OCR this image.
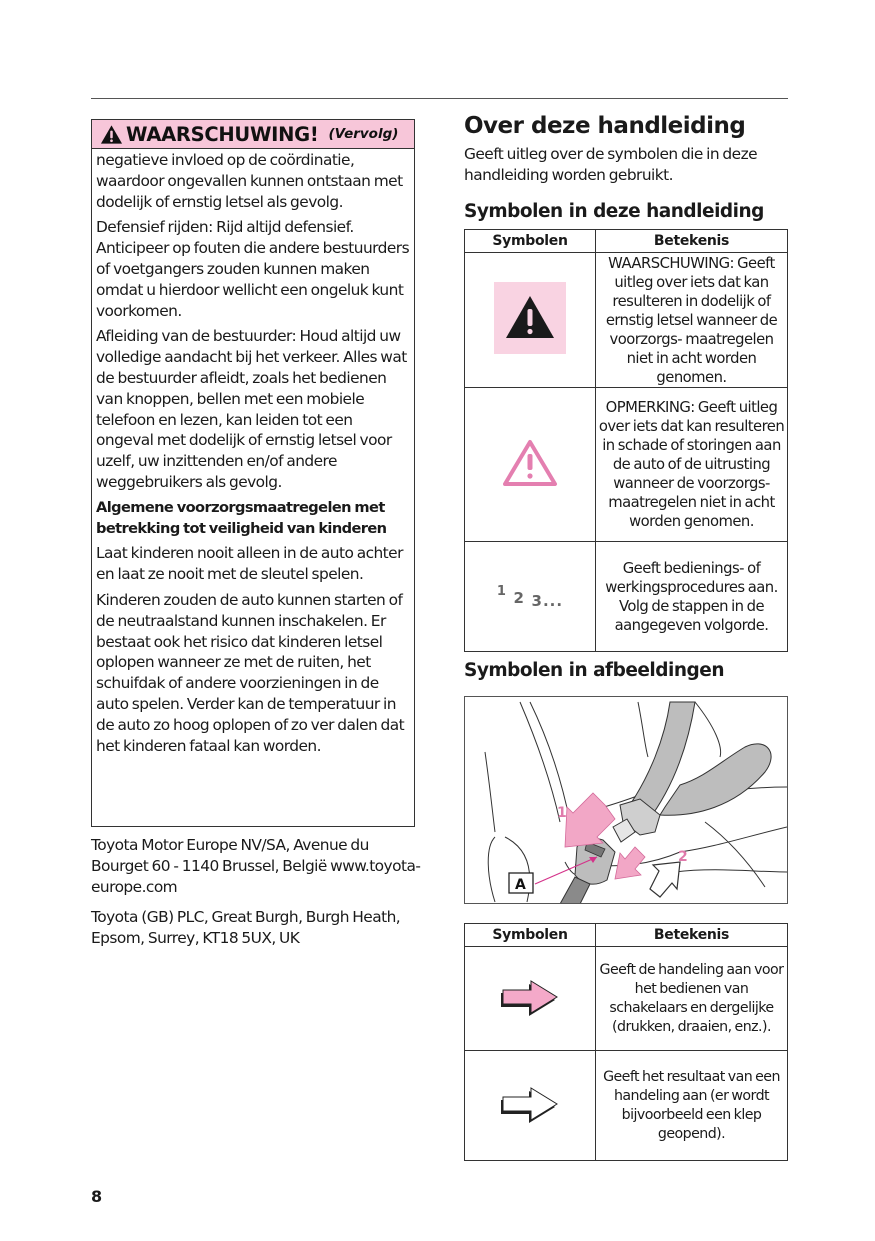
WAARSCHUWING! (Vervolg)

negatieve invloed op de coördinatie, waardoor ongevallen kunnen ontstaan met dodelijk of ernstig letsel als gevolg.

Defensief rijden: Rijd altijd defensief. Anticipeer op fouten die andere bestuurders of voetgangers zouden kunnen maken omdat u hierdoor wellicht een ongeluk kunt voorkomen.

Afleiding van de bestuurder: Houd altijd uw volledige aandacht bij het verkeer. Alles wat de bestuurder afleidt, zoals het bedienen van knoppen, bellen met een mobiele telefoon en lezen, kan leiden tot een ongeval met dodelijk of ernstig letsel voor uzelf, uw inzittenden en/of andere weggebruikers als gevolg.

Algemene voorzorgsmaatregelen met betrekking tot veiligheid van kinderen

Laat kinderen nooit alleen in de auto achter en laat ze nooit met de sleutel spelen.

Kinderen zouden de auto kunnen starten of de neutraalstand kunnen inschakelen. Er bestaat ook het risico dat kinderen letsel oplopen wanneer ze met de ruiten, het schuifdak of andere voorzieningen in de auto spelen. Verder kan de temperatuur in de auto zo hoog oplopen of zo ver dalen dat het kinderen fataal kan worden.

Toyota Motor Europe NV/SA, Avenue du Bourget 60 - 1140 Brussel, België www.toyota-europe.com

Toyota (GB) PLC, Great Burgh, Burgh Heath, Epsom, Surrey, KT18 5UX, UK

Over deze handleiding

Geeft uitleg over de symbolen die in deze handleiding worden gebruikt.

Symbolen in deze handleiding
Symbolen	Betekenis
	WAARSCHUWING: Geeft uitleg over iets dat kan resulteren in dodelijk of ernstig letsel wanneer de voorzorgs- maatregelen niet in acht worden genomen.
	OPMERKING: Geeft uitleg over iets dat kan resulteren in schade of storingen aan de auto of de uitrusting wanneer de voorzorgs- maatregelen niet in acht worden genomen.
$^1$ 2 3...	Geeft bedienings- of werkingsprocedures aan. Volg de stappen in de aangegeven volgorde.
Symbolen in afbeeldingen
1
2
A
Symbolen	Betekenis
	Geeft de handeling aan voor het bedienen van schakelaars en dergelijke (drukken, draaien, enz.).
	Geeft het resultaat van een handeling aan (er wordt bijvoorbeeld een klep geopend).
8
